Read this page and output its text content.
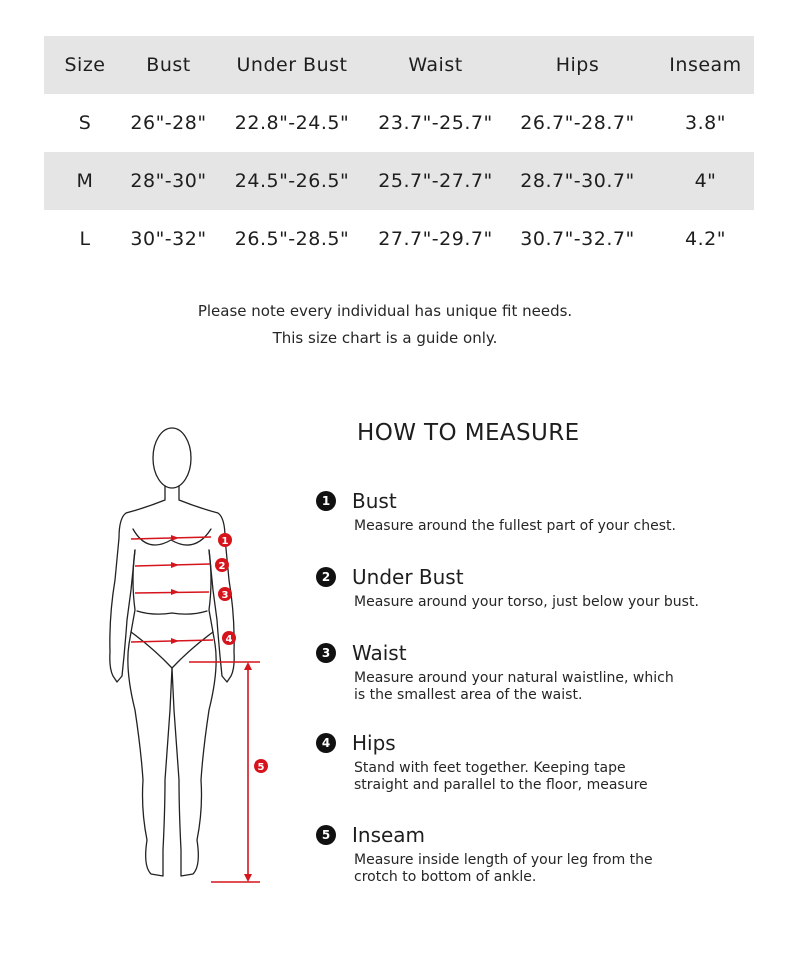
Size	Bust	Under Bust	Waist	Hips	Inseam
S	26"-28"	22.8"-24.5"	23.7"-25.7"	26.7"-28.7"	3.8"
M	28"-30"	24.5"-26.5"	25.7"-27.7"	28.7"-30.7"	4"
L	30"-32"	26.5"-28.5"	27.7"-29.7"	30.7"-32.7"	4.2"
Please note every individual has unique fit needs.
This size chart is a guide only.
1
2
3
4
5
HOW TO MEASURE
1 Bust
Measure around the fullest part of your chest.
2 Under Bust
Measure around your torso, just below your bust.
3 Waist
Measure around your natural waistline, which
is the smallest area of the waist.
4 Hips
Stand with feet together. Keeping tape
straight and parallel to the floor, measure
5 Inseam
Measure inside length of your leg from the
crotch to bottom of ankle.
